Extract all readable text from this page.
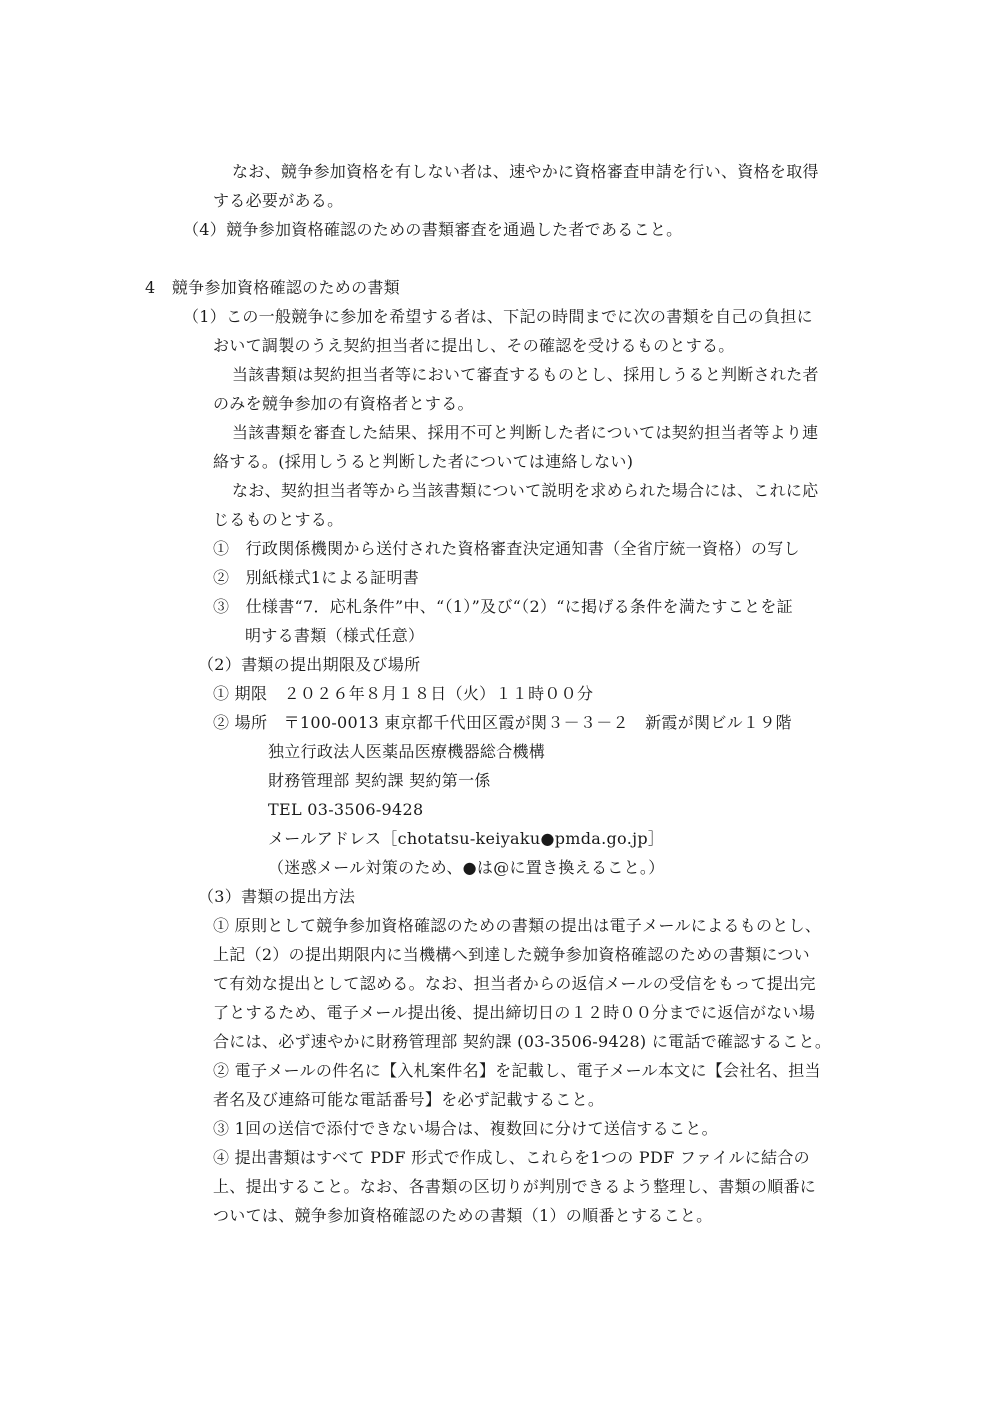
なお、競争参加資格を有しない者は、速やかに資格審査申請を行い、資格を取得

する必要がある。

（4）競争参加資格確認のための書類審査を通過した者であること。

4　競争参加資格確認のための書類

（1）この一般競争に参加を希望する者は、下記の時間までに次の書類を自己の負担に

おいて調製のうえ契約担当者に提出し、その確認を受けるものとする。

当該書類は契約担当者等において審査するものとし、採用しうると判断された者

のみを競争参加の有資格者とする。

当該書類を審査した結果、採用不可と判断した者については契約担当者等より連

絡する。(採用しうると判断した者については連絡しない)

なお、契約担当者等から当該書類について説明を求められた場合には、これに応

じるものとする。

①　行政関係機関から送付された資格審査決定通知書（全省庁統一資格）の写し

②　別紙様式1による証明書

③　仕様書“7．応札条件”中、“（1）”及び“（2）“に掲げる条件を満たすことを証

明する書類（様式任意）

（2）書類の提出期限及び場所

① 期限　２０２６年８月１８日（火）１１時００分

② 場所　〒100-0013 東京都千代田区霞が関３－３－２　新霞が関ビル１９階

独立行政法人医薬品医療機器総合機構

財務管理部 契約課 契約第一係

TEL 03-3506-9428

メールアドレス［chotatsu-keiyaku●pmda.go.jp］

（迷惑メール対策のため、●は@に置き換えること。）

（3）書類の提出方法

① 原則として競争参加資格確認のための書類の提出は電子メールによるものとし、

上記（2）の提出期限内に当機構へ到達した競争参加資格確認のための書類につい

て有効な提出として認める。なお、担当者からの返信メールの受信をもって提出完

了とするため、電子メール提出後、提出締切日の１２時００分までに返信がない場

合には、必ず速やかに財務管理部 契約課 (03-3506-9428) に電話で確認すること。

② 電子メールの件名に【入札案件名】を記載し、電子メール本文に【会社名、担当

者名及び連絡可能な電話番号】を必ず記載すること。

③ 1回の送信で添付できない場合は、複数回に分けて送信すること。

④ 提出書類はすべて PDF 形式で作成し、これらを1つの PDF ファイルに結合の

上、提出すること。なお、各書類の区切りが判別できるよう整理し、書類の順番に

ついては、競争参加資格確認のための書類（1）の順番とすること。
